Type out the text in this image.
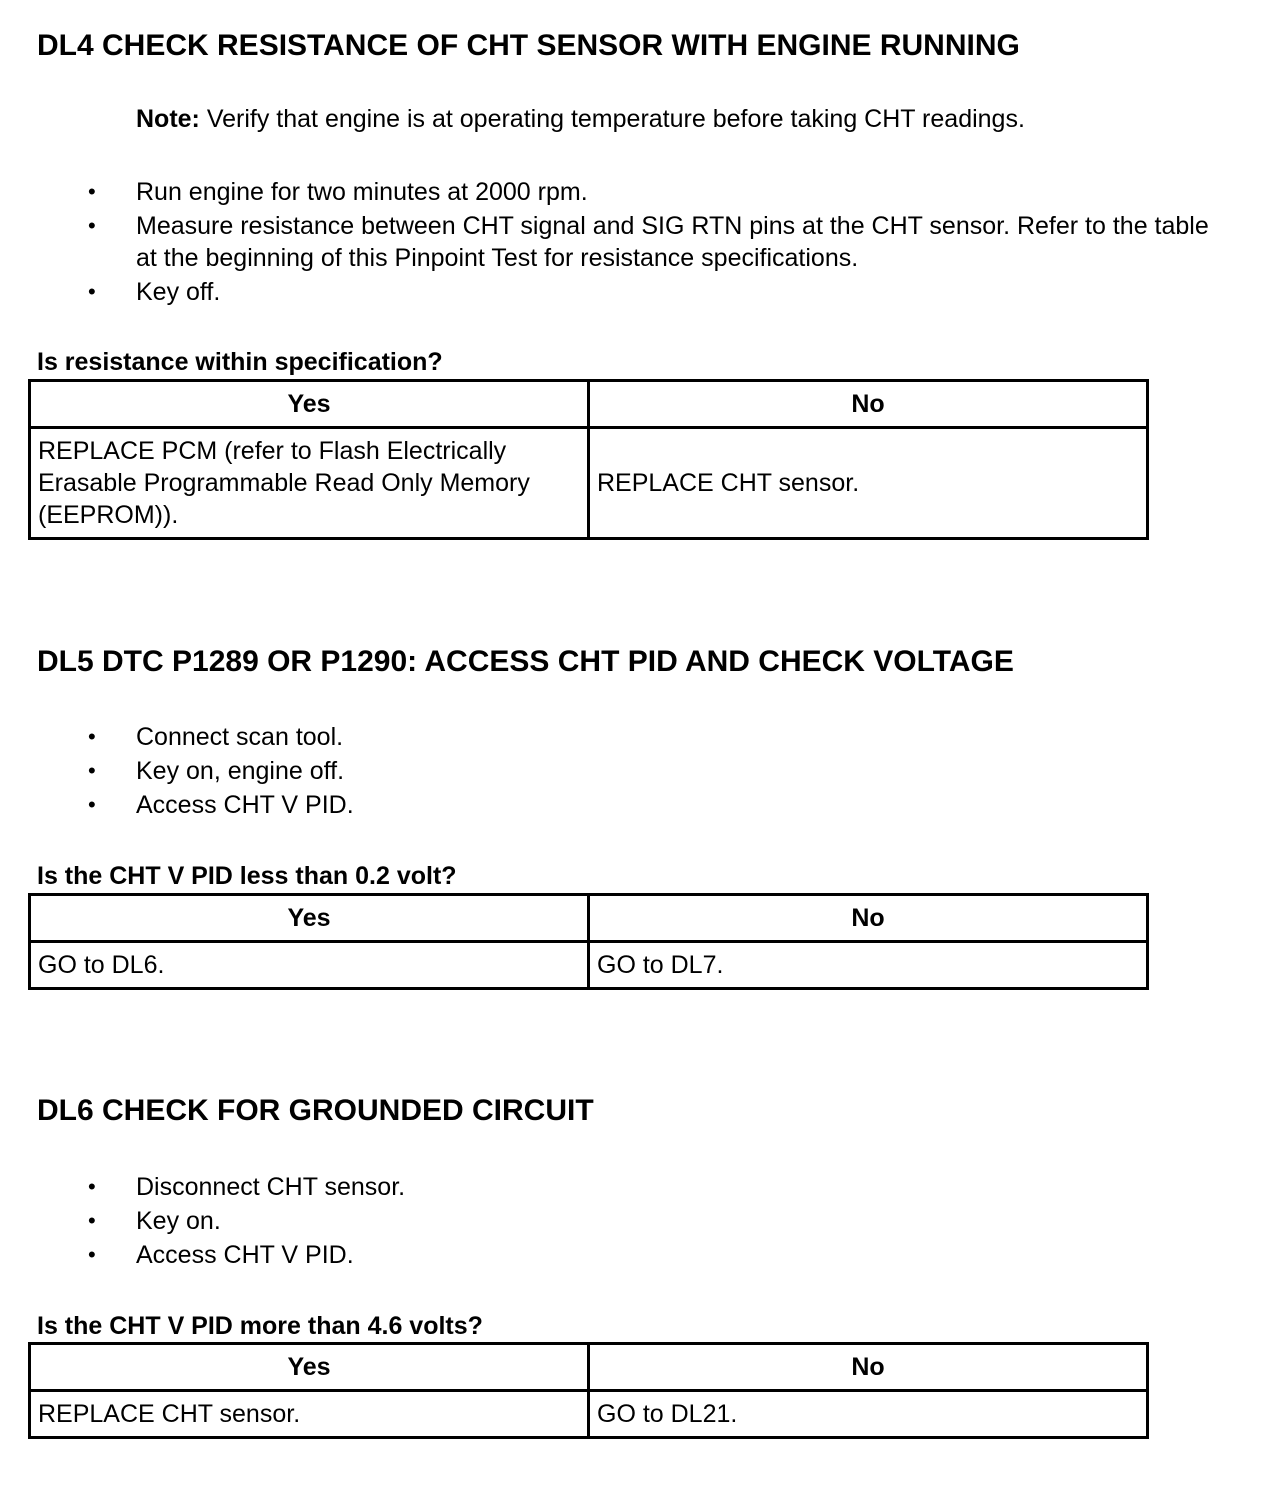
DL4 CHECK RESISTANCE OF CHT SENSOR WITH ENGINE RUNNING

Note: Verify that engine is at operating temperature before taking CHT readings.

• Run engine for two minutes at 2000 rpm.
• Measure resistance between CHT signal and SIG RTN pins at the CHT sensor. Refer to the table at the beginning of this Pinpoint Test for resistance specifications.
• Key off.

Is resistance within specification?

Yes	No
REPLACE PCM (refer to Flash Electrically Erasable Programmable Read Only Memory (EEPROM)).	REPLACE CHT sensor.
DL5 DTC P1289 OR P1290: ACCESS CHT PID AND CHECK VOLTAGE
• Connect scan tool.
• Key on, engine off.
• Access CHT V PID.

Is the CHT V PID less than 0.2 volt?

Yes	No
GO to DL6.	GO to DL7.
DL6 CHECK FOR GROUNDED CIRCUIT
• Disconnect CHT sensor.
• Key on.
• Access CHT V PID.

Is the CHT V PID more than 4.6 volts?

Yes	No
REPLACE CHT sensor.	GO to DL21.
